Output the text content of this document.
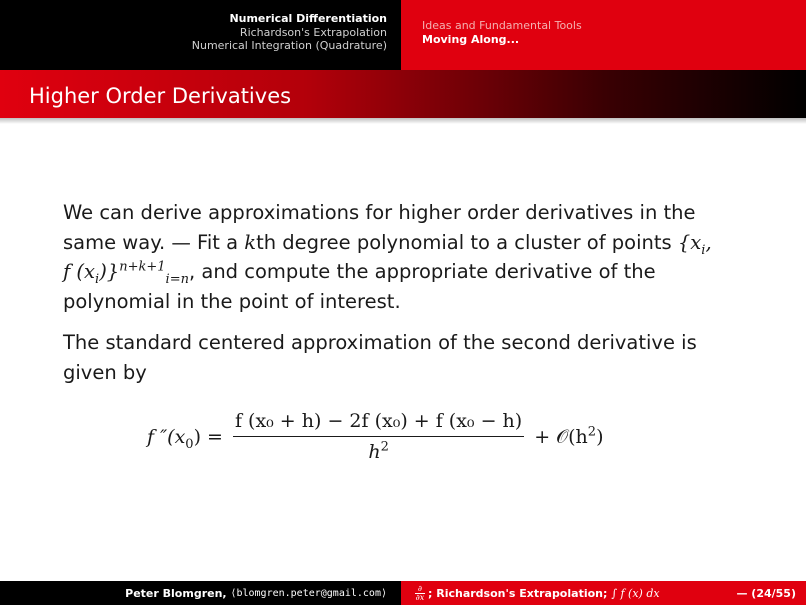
Numerical Differentiation
Richardson's Extrapolation
Numerical Integration (Quadrature)
Ideas and Fundamental Tools
Moving Along...
Higher Order Derivatives

We can derive approximations for higher order derivatives in the same way. — Fit a kth degree polynomial to a cluster of points {$x_i$, f $(x_i)\}^{n+k+1}_{i=n}$, and compute the appropriate derivative of the polynomial in the point of interest.

The standard centered approximation of the second derivative is given by

f $''(x_0) = \frac{\text{f (x₀ + h) − 2f (x₀) + f (x₀ − h)}}{h^2}$ + $𝒪(h^2)$
Peter Blomgren,
⟨blomgren.peter@gmail.com⟩	∂
∂x ; Richardson's Extrapolation;
∫ f (x) dx	— (24/55)
